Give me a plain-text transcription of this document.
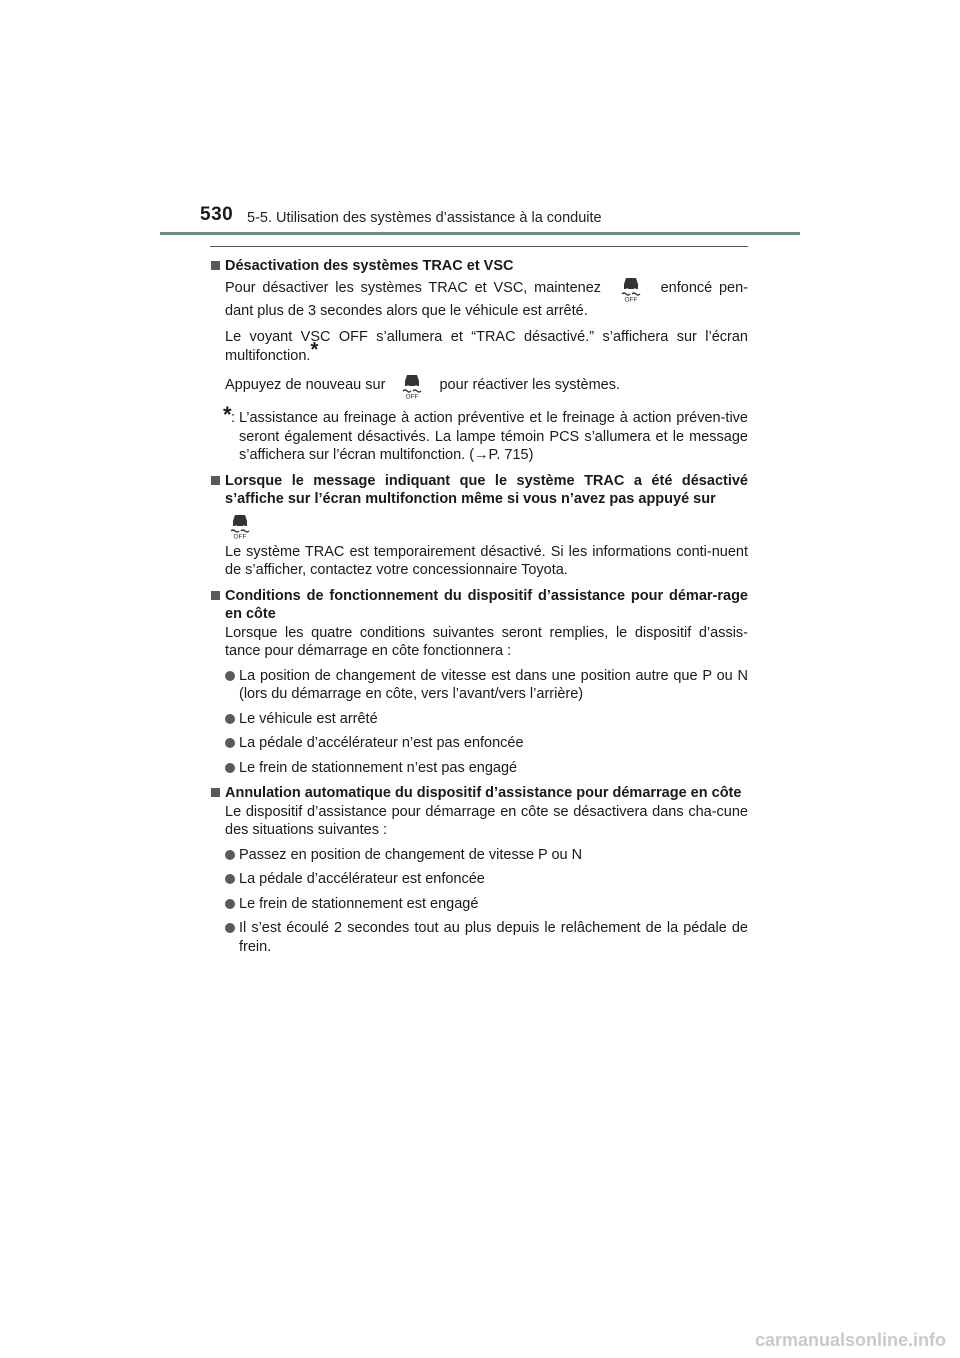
530 5-5. Utilisation des systèmes d’assistance à la conduite
Désactivation des systèmes TRAC et VSC
Pour désactiver les systèmes TRAC et VSC, maintenez
OFF
enfoncé pen-
dant plus de 3 secondes alors que le véhicule est arrêté.
Le voyant VSC OFF s’allumera et “TRAC désactivé.” s’affichera sur l’écran multifonction.*
Appuyez de nouveau sur
OFF
pour réactiver les systèmes.
* : L’assistance au freinage à action préventive et le freinage à action préven-tive seront également désactivés. La lampe témoin PCS s’allumera et le message s’affichera sur l’écran multifonction. (→P. 715)
Lorsque le message indiquant que le système TRAC a été désactivé s’affiche sur l’écran multifonction même si vous n’avez pas appuyé sur
OFF
Le système TRAC est temporairement désactivé. Si les informations conti-nuent de s’afficher, contactez votre concessionnaire Toyota.
Conditions de fonctionnement du dispositif d’assistance pour démar-rage en côte
Lorsque les quatre conditions suivantes seront remplies, le dispositif d’assis-tance pour démarrage en côte fonctionnera :
La position de changement de vitesse est dans une position autre que P ou N (lors du démarrage en côte, vers l’avant/vers l’arrière)
Le véhicule est arrêté
La pédale d’accélérateur n’est pas enfoncée
Le frein de stationnement n’est pas engagé
Annulation automatique du dispositif d’assistance pour démarrage en côte
Le dispositif d’assistance pour démarrage en côte se désactivera dans cha-cune des situations suivantes :
Passez en position de changement de vitesse P ou N
La pédale d’accélérateur est enfoncée
Le frein de stationnement est engagé
Il s’est écoulé 2 secondes tout au plus depuis le relâchement de la pédale de frein.
carmanualsonline.info
